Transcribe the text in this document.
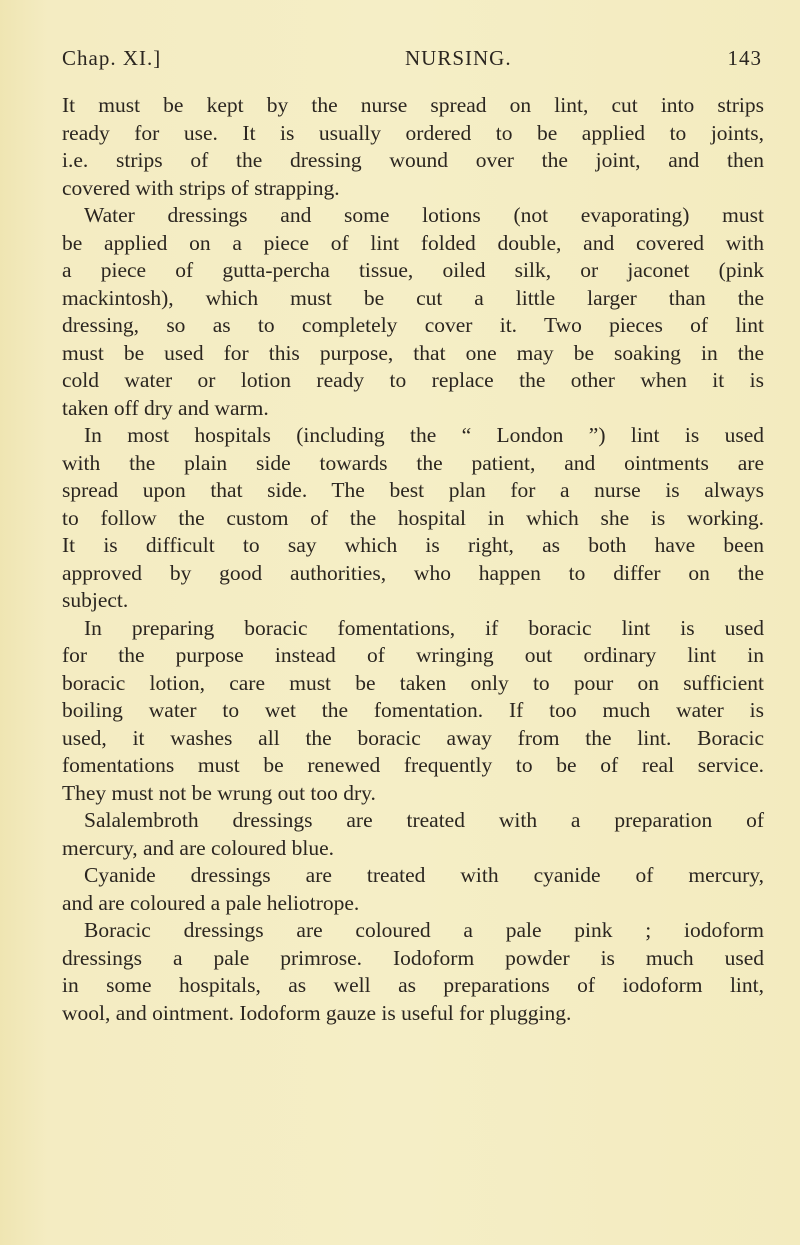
Chap. XI.]	NURSING.	143
It must be kept by the nurse spread on lint, cut into strips
ready for use. It is usually ordered to be applied to joints,
i.e. strips of the dressing wound over the joint, and then
covered with strips of strapping.
Water dressings and some lotions (not evaporating) must
be applied on a piece of lint folded double, and covered with
a piece of gutta-percha tissue, oiled silk, or jaconet (pink
mackintosh), which must be cut a little larger than the
dressing, so as to completely cover it. Two pieces of lint
must be used for this purpose, that one may be soaking in the
cold water or lotion ready to replace the other when it is
taken off dry and warm.
In most hospitals (including the “ London ”) lint is used
with the plain side towards the patient, and ointments are
spread upon that side. The best plan for a nurse is always
to follow the custom of the hospital in which she is working.
It is difficult to say which is right, as both have been
approved by good authorities, who happen to differ on the
subject.
In preparing boracic fomentations, if boracic lint is used
for the purpose instead of wringing out ordinary lint in
boracic lotion, care must be taken only to pour on sufficient
boiling water to wet the fomentation. If too much water is
used, it washes all the boracic away from the lint. Boracic
fomentations must be renewed frequently to be of real service.
They must not be wrung out too dry.
Salalembroth dressings are treated with a preparation of
mercury, and are coloured blue.
Cyanide dressings are treated with cyanide of mercury,
and are coloured a pale heliotrope.
Boracic dressings are coloured a pale pink ; iodoform
dressings a pale primrose. Iodoform powder is much used
in some hospitals, as well as preparations of iodoform lint,
wool, and ointment. Iodoform gauze is useful for plugging.
